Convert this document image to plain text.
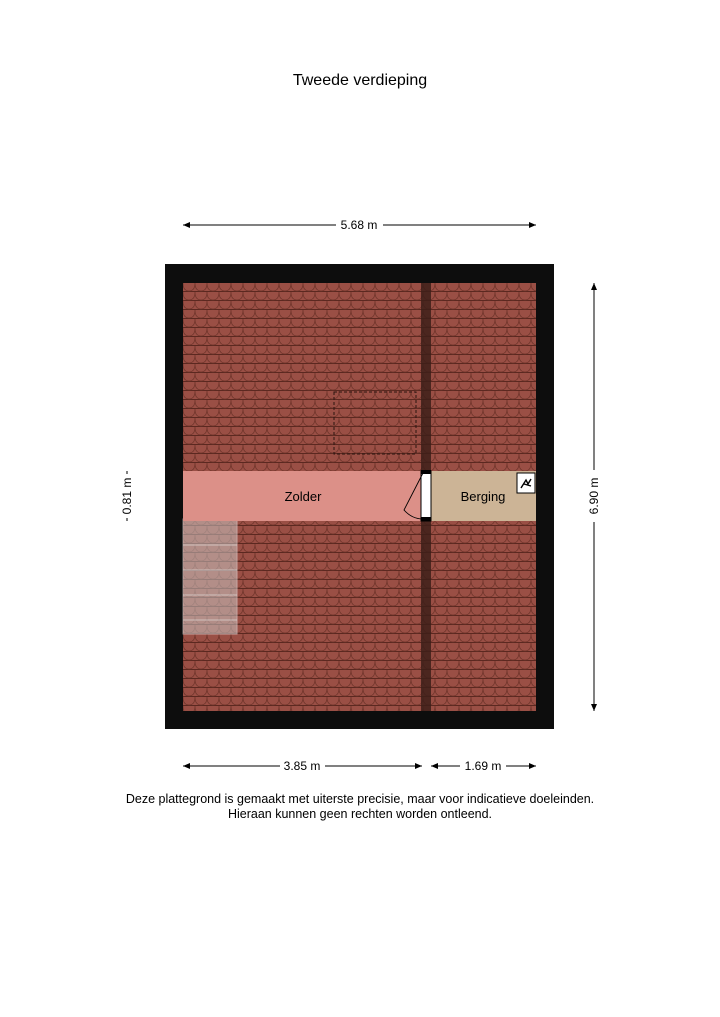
Tweede verdieping
Zolder	Berging
5.68 m
6.90 m
0.81 m
3.85 m	1.69 m
Deze plattegrond is gemaakt met uiterste precisie, maar voor indicatieve doeleinden.
Hieraan kunnen geen rechten worden ontleend.
